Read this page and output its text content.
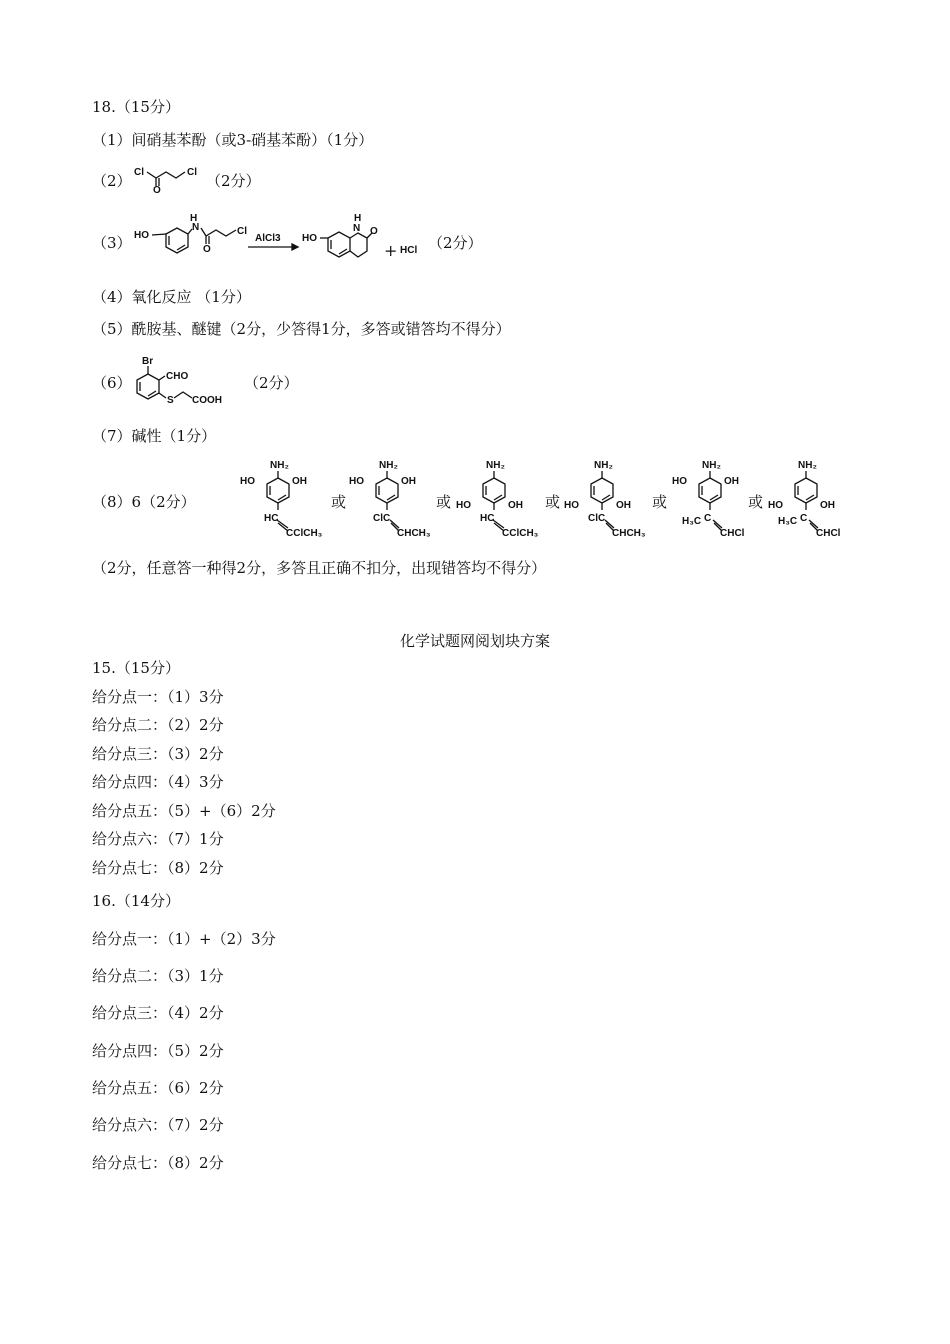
18.（15分）
（1）间硝基苯酚（或3-硝基苯酚）（1分）
（2） Cl
O
Cl （2分）
（3） HO
H
N
O
Cl
AlCl3 HO
H
N O
+ HCl （2分）
（4）氧化反应 （1分）
（5）酰胺基、醚键（2分，少答得1分，多答或错答均不得分）
（6）
Br
CHO
S COOH
（2分）
（7）碱性（1分）
（8）6（2分）
NH₂
HO	OH
HC
CClCH₃
或
NH₂
HO	OH
ClC
CHCH₃
或
NH₂
HO	OH
HC
CClCH₃
或
NH₂
HO	OH
ClC
CHCH₃
或
NH₂
HO	OH
H₃C C
CHCl
或
NH₂
HO	OH
H₃C C
CHCl
（2分，任意答一种得2分，多答且正确不扣分，出现错答均不得分）
化学试题网阅划块方案
15.（15分）
给分点一：（1）3分
给分点二：（2）2分
给分点三：（3）2分
给分点四：（4）3分
给分点五：（5）+（6）2分
给分点六：（7）1分
给分点七：（8）2分
16.（14分）
给分点一：（1）+（2）3分
给分点二：（3）1分
给分点三：（4）2分
给分点四：（5）2分
给分点五：（6）2分
给分点六：（7）2分
给分点七：（8）2分
